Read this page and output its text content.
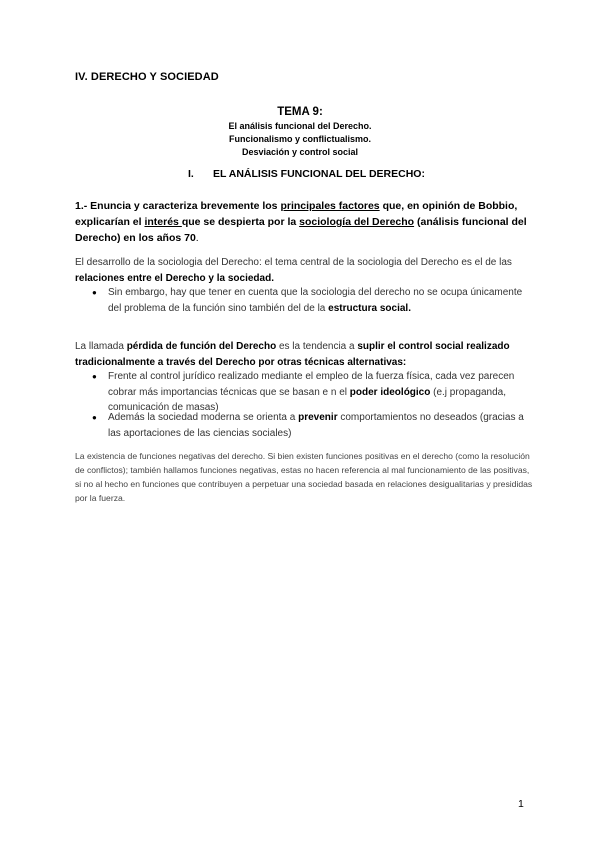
IV. DERECHO Y SOCIEDAD
TEMA 9:
El análisis funcional del Derecho.
Funcionalismo y conflictualismo.
Desviación y control social
I. EL ANÁLISIS FUNCIONAL DEL DERECHO:
1.- Enuncia y caracteriza brevemente los principales factores que, en opinión de Bobbio, explicarían el interés que se despierta por la sociología del Derecho (análisis funcional del Derecho) en los años 70.
El desarrollo de la sociologia del Derecho: el tema central de la sociologia del Derecho es el de las relaciones entre el Derecho y la sociedad.
●	Sin embargo, hay que tener en cuenta que la sociologia del derecho no se ocupa únicamente del problema de la función sino también del de la estructura social.
La llamada pérdida de función del Derecho es la tendencia a suplir el control social realizado tradicionalmente a través del Derecho por otras técnicas alternativas:
●	Frente al control jurídico realizado mediante el empleo de la fuerza física, cada vez parecen cobrar más importancias técnicas que se basan e n el poder ideológico (e.j propaganda, comunicación de masas)
●	Además la sociedad moderna se orienta a prevenir comportamientos no deseados (gracias a las aportaciones de las ciencias sociales)
La existencia de funciones negativas del derecho. Si bien existen funciones positivas en el derecho (como la resolución de conflictos); también hallamos funciones negativas, estas no hacen referencia al mal funcionamiento de las positivas, si no al hecho en funciones que contribuyen a perpetuar una sociedad basada en relaciones desigualitarias y presididas por la fuerza.
1
